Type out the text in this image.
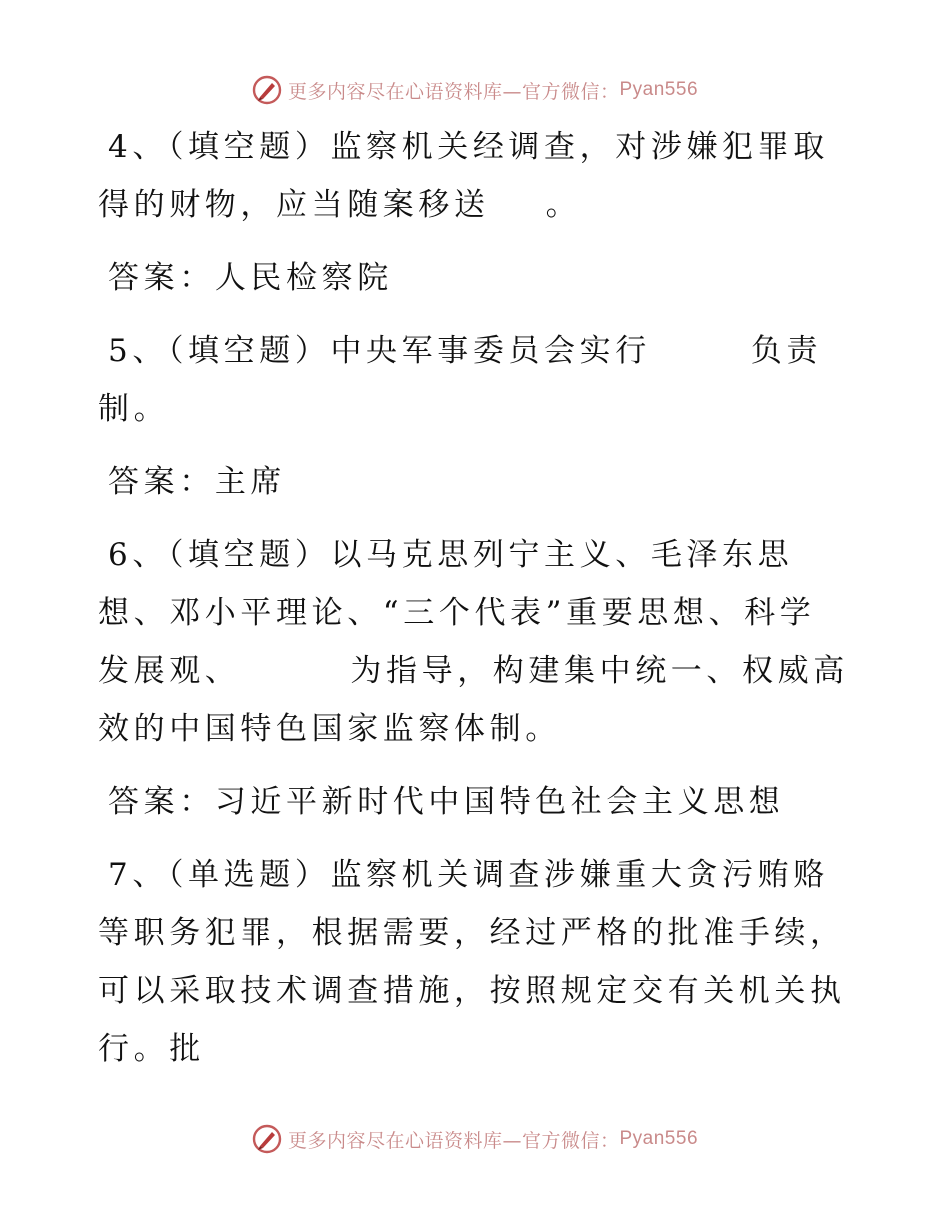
更多内容尽在心语资料库— 官方微信： Pyan556

4、（填空题）监察机关经调查，对涉嫌犯罪取得的财物，应当随案移送 。

答案：人民检察院

5、（填空题）中央军事委员会实行	负责制。

答案：主席

6、（填空题）以马克思列宁主义、毛泽东思想、邓小平理论、“三个代表”重要思想、科学发展观、	为指导，构建集中统一、权威高效的中国特色国家监察体制。

答案：习近平新时代中国特色社会主义思想

7、（单选题）监察机关调查涉嫌重大贪污贿赂等职务犯罪，根据需要，经过严格的批准手续，可以采取技术调查措施，按照规定交有关机关执行。批

更多内容尽在心语资料库— 官方微信： Pyan556
